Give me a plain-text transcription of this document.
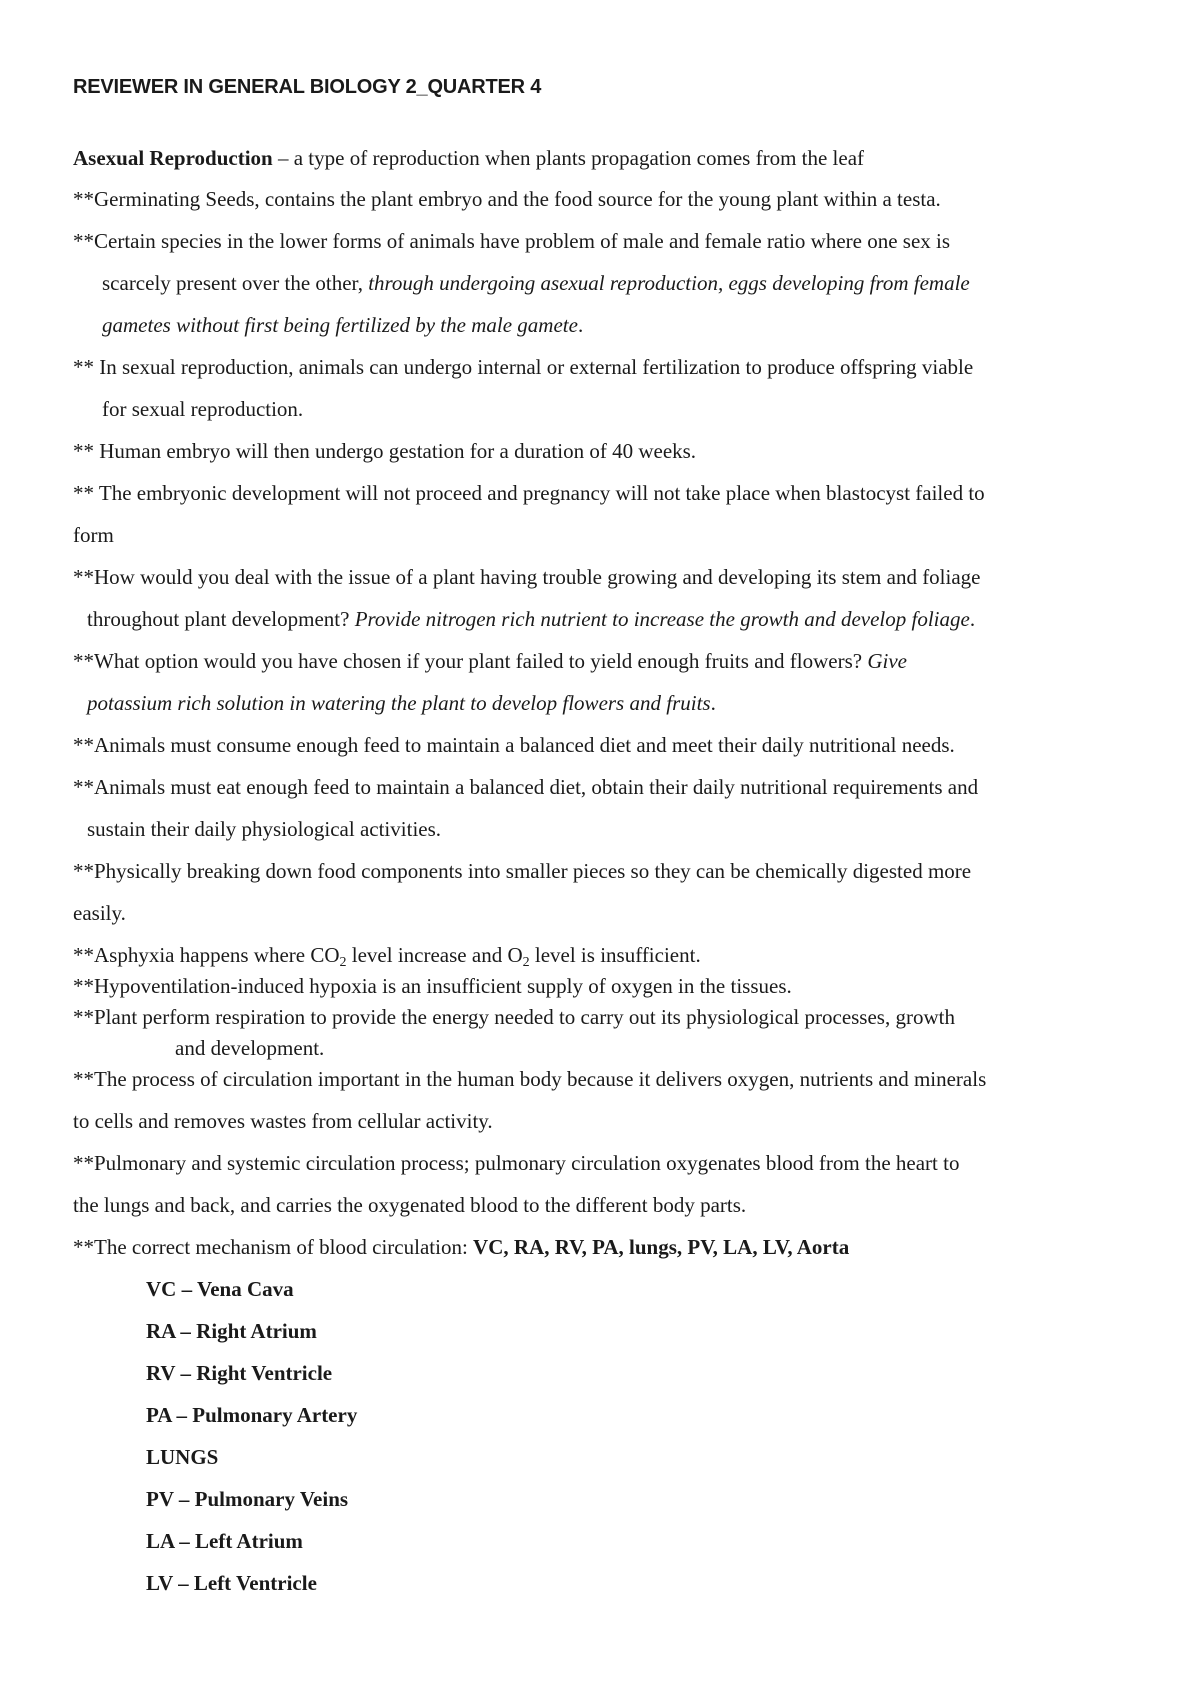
REVIEWER IN GENERAL BIOLOGY 2_QUARTER 4
Asexual Reproduction – a type of reproduction when plants propagation comes from the leaf
**Germinating Seeds, contains the plant embryo and the food source for the young plant within a testa.
**Certain species in the lower forms of animals have problem of male and female ratio where one sex is
scarcely present over the other, through undergoing asexual reproduction, eggs developing from female
gametes without first being fertilized by the male gamete.
** In sexual reproduction, animals can undergo internal or external fertilization to produce offspring viable
for sexual reproduction.
** Human embryo will then undergo gestation for a duration of 40 weeks.
** The embryonic development will not proceed and pregnancy will not take place when blastocyst failed to
form
**How would you deal with the issue of a plant having trouble growing and developing its stem and foliage
throughout plant development? Provide nitrogen rich nutrient to increase the growth and develop foliage.
**What option would you have chosen if your plant failed to yield enough fruits and flowers? Give
potassium rich solution in watering the plant to develop flowers and fruits.
**Animals must consume enough feed to maintain a balanced diet and meet their daily nutritional needs.
**Animals must eat enough feed to maintain a balanced diet, obtain their daily nutritional requirements and
sustain their daily physiological activities.
**Physically breaking down food components into smaller pieces so they can be chemically digested more
easily.
**Asphyxia happens where $CO_2$ level increase and $O_2$ level is insufficient.
**Hypoventilation-induced hypoxia is an insufficient supply of oxygen in the tissues.
**Plant perform respiration to provide the energy needed to carry out its physiological processes, growth
and development.
**The process of circulation important in the human body because it delivers oxygen, nutrients and minerals
to cells and removes wastes from cellular activity.
**Pulmonary and systemic circulation process; pulmonary circulation oxygenates blood from the heart to
the lungs and back, and carries the oxygenated blood to the different body parts.
**The correct mechanism of blood circulation: VC, RA, RV, PA, lungs, PV, LA, LV, Aorta
VC – Vena Cava
RA – Right Atrium
RV – Right Ventricle
PA – Pulmonary Artery
LUNGS
PV – Pulmonary Veins
LA – Left Atrium
LV – Left Ventricle
